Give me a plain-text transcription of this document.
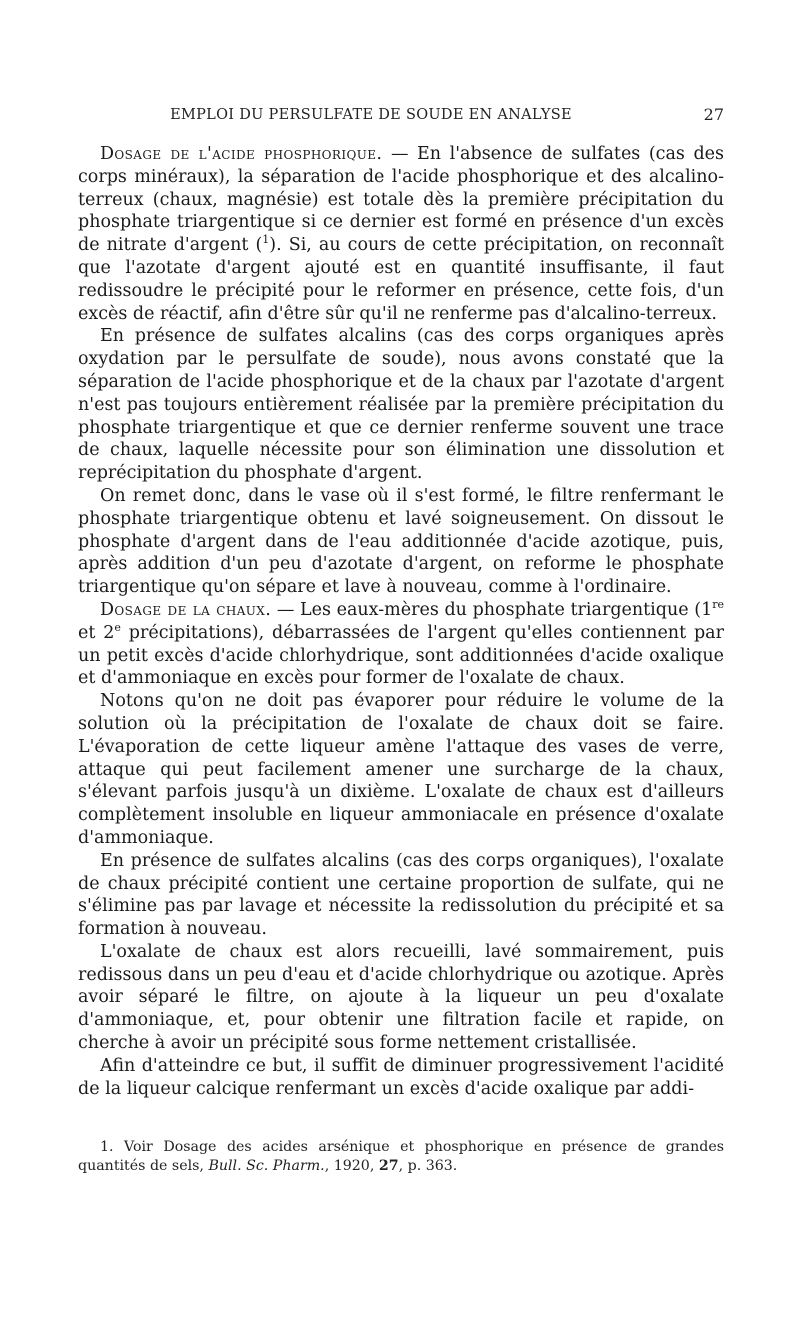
EMPLOI DU PERSULFATE DE SOUDE EN ANALYSE	27

Dosage de l'acide phosphorique. — En l'absence de sulfates (cas des corps minéraux), la séparation de l'acide phosphorique et des alcalino-terreux (chaux, magnésie) est totale dès la première précipitation du phosphate triargentique si ce dernier est formé en présence d'un excès de nitrate d'argent ($^1$). Si, au cours de cette précipitation, on reconnaît que l'azotate d'argent ajouté est en quantité insuffisante, il faut redissoudre le précipité pour le reformer en présence, cette fois, d'un excès de réactif, afin d'être sûr qu'il ne renferme pas d'alcalino-terreux.

En présence de sulfates alcalins (cas des corps organiques après oxydation par le persulfate de soude), nous avons constaté que la séparation de l'acide phosphorique et de la chaux par l'azotate d'argent n'est pas toujours entièrement réalisée par la première précipitation du phosphate triargentique et que ce dernier renferme souvent une trace de chaux, laquelle nécessite pour son élimination une dissolution et reprécipitation du phosphate d'argent.

On remet donc, dans le vase où il s'est formé, le filtre renfermant le phosphate triargentique obtenu et lavé soigneusement. On dissout le phosphate d'argent dans de l'eau additionnée d'acide azotique, puis, après addition d'un peu d'azotate d'argent, on reforme le phosphate triargentique qu'on sépare et lave à nouveau, comme à l'ordinaire.

Dosage de la chaux. — Les eaux-mères du phosphate triargentique (1re et 2e précipitations), débarrassées de l'argent qu'elles contiennent par un petit excès d'acide chlorhydrique, sont additionnées d'acide oxalique et d'ammoniaque en excès pour former de l'oxalate de chaux.

Notons qu'on ne doit pas évaporer pour réduire le volume de la solution où la précipitation de l'oxalate de chaux doit se faire. L'évaporation de cette liqueur amène l'attaque des vases de verre, attaque qui peut facilement amener une surcharge de la chaux, s'élevant parfois jusqu'à un dixième. L'oxalate de chaux est d'ailleurs complètement insoluble en liqueur ammoniacale en présence d'oxalate d'ammoniaque.

En présence de sulfates alcalins (cas des corps organiques), l'oxalate de chaux précipité contient une certaine proportion de sulfate, qui ne s'élimine pas par lavage et nécessite la redissolution du précipité et sa formation à nouveau.

L'oxalate de chaux est alors recueilli, lavé sommairement, puis redissous dans un peu d'eau et d'acide chlorhydrique ou azotique. Après avoir séparé le filtre, on ajoute à la liqueur un peu d'oxalate d'ammoniaque, et, pour obtenir une filtration facile et rapide, on cherche à avoir un précipité sous forme nettement cristallisée.

Afin d'atteindre ce but, il suffit de diminuer progressivement l'acidité de la liqueur calcique renfermant un excès d'acide oxalique par addi-

1. Voir Dosage des acides arsénique et phosphorique en présence de grandes quantités de sels, Bull. Sc. Pharm., 1920, 27, p. 363.
